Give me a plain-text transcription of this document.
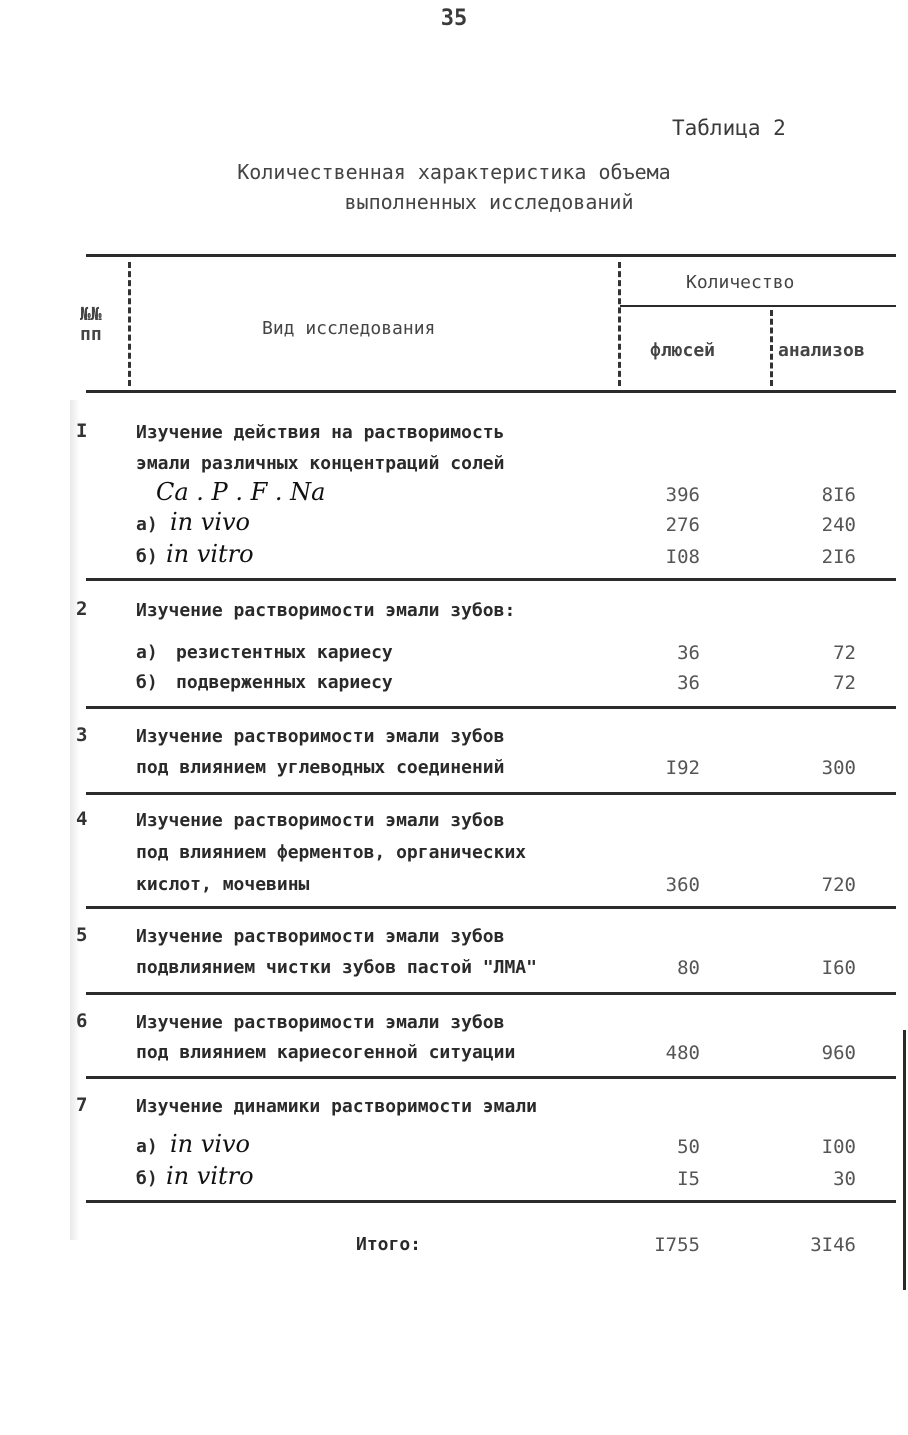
35
Таблица 2
Количественная характеристика объема
выполненных исследований
№№ пп	Вид исследования
Количество
флюсей	анализов
I	Изучение действия на растворимость
эмали различных концентраций солей
Ca . P . F . Na	396	8I6
а) in vivo	276	240
б) in vitro	I08	2I6
2	Изучение растворимости эмали зубов:
а) резистентных кариесу	36	72
б) подверженных кариесу	36	72
3	Изучение растворимости эмали зубов
под влиянием углеводных соединений	I92	300
4	Изучение растворимости эмали зубов
под влиянием ферментов, органических
кислот, мочевины	360	720
5	Изучение растворимости эмали зубов
подвлиянием чистки зубов пастой "ЛМА"	80	I60
6	Изучение растворимости эмали зубов
под влиянием кариесогенной ситуации	480	960
7	Изучение динамики растворимости эмали
а) in vivo	50	I00
б) in vitro	I5	30
Итого:	I755	3I46
